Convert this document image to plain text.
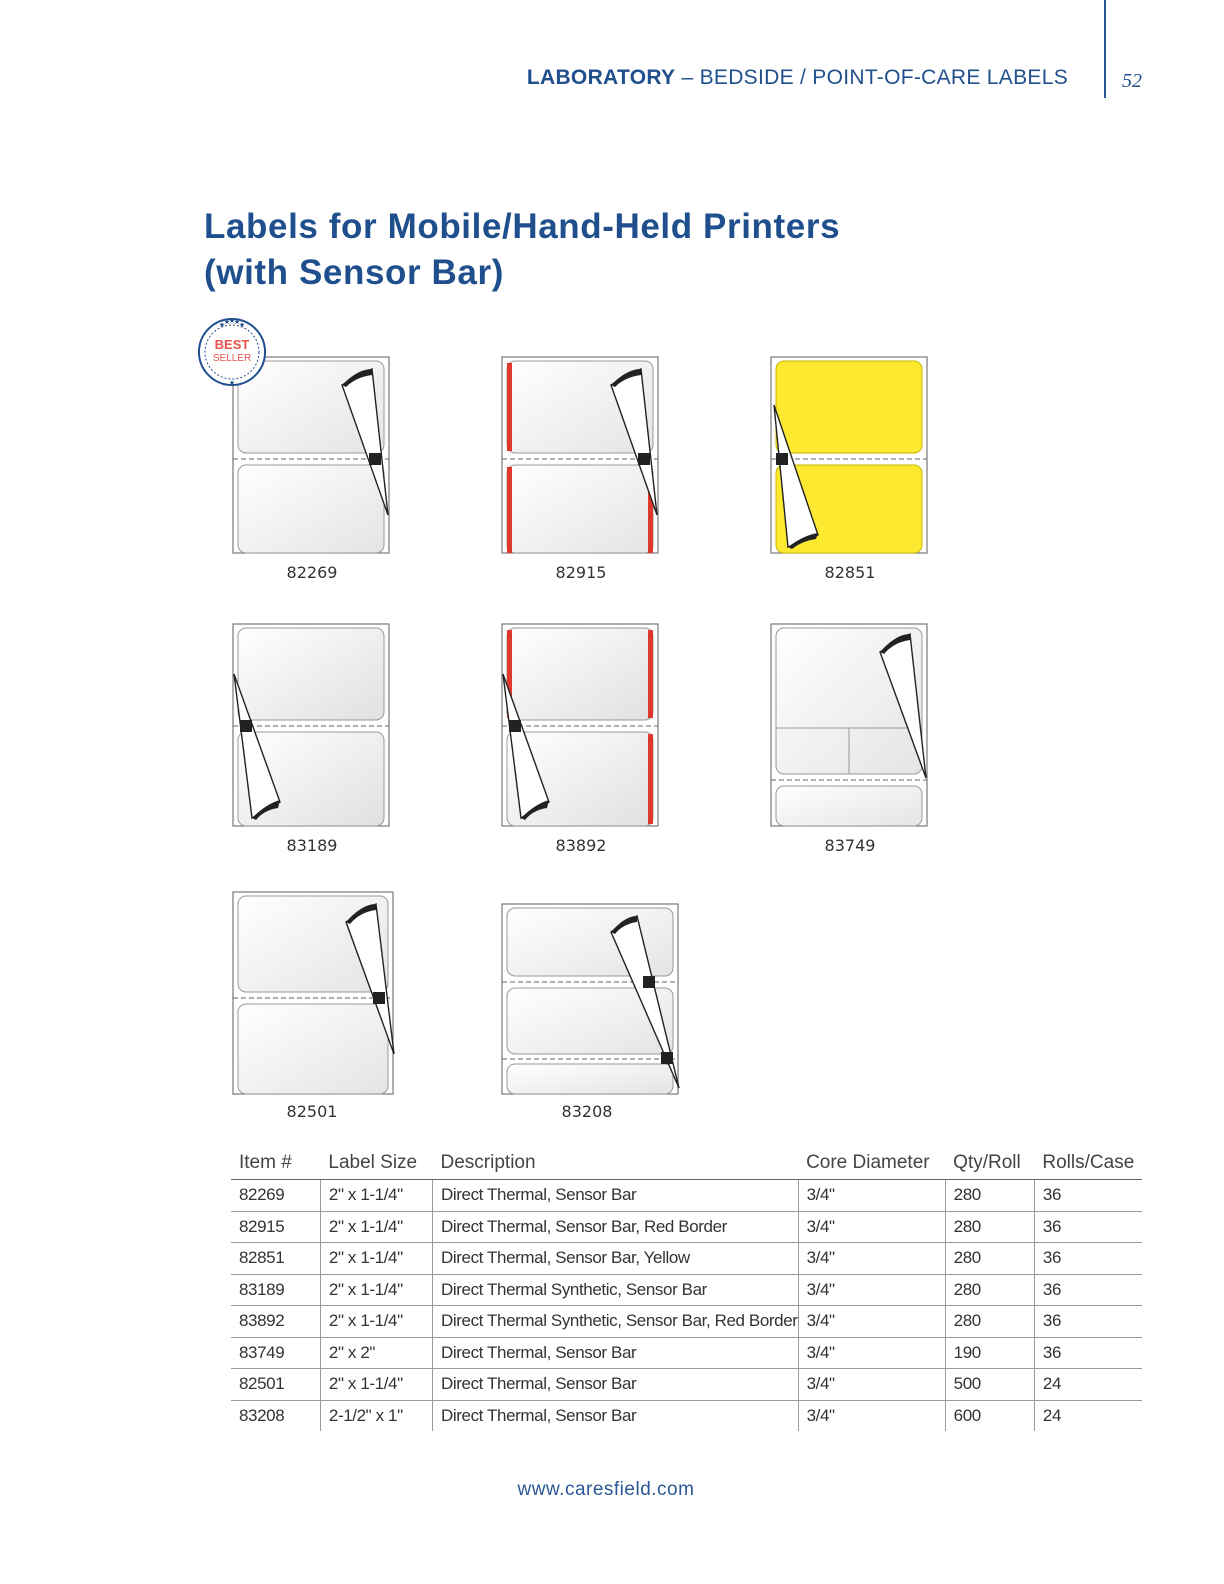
LABORATORY – BEDSIDE / POINT-OF-CARE LABELS	52
Labels for Mobile/Hand-Held Printers
(with Sensor Bar)
82269	82915	82851
83189	83892	83749
82501	83208
★
★
★
★
★
★
BEST
SELLER
Item #	Label Size	Description	Core Diameter	Qty/Roll	Rolls/Case
82269	2" x 1-1/4"	Direct Thermal, Sensor Bar	3/4"	280	36
82915	2" x 1-1/4"	Direct Thermal, Sensor Bar, Red Border	3/4"	280	36
82851	2" x 1-1/4"	Direct Thermal, Sensor Bar, Yellow	3/4"	280	36
83189	2" x 1-1/4"	Direct Thermal Synthetic, Sensor Bar	3/4"	280	36
83892	2" x 1-1/4"	Direct Thermal Synthetic, Sensor Bar, Red Border	3/4"	280	36
83749	2" x 2"	Direct Thermal, Sensor Bar	3/4"	190	36
82501	2" x 1-1/4"	Direct Thermal, Sensor Bar	3/4"	500	24
83208	2-1/2" x 1"	Direct Thermal, Sensor Bar	3/4"	600	24
www.caresfield.com
